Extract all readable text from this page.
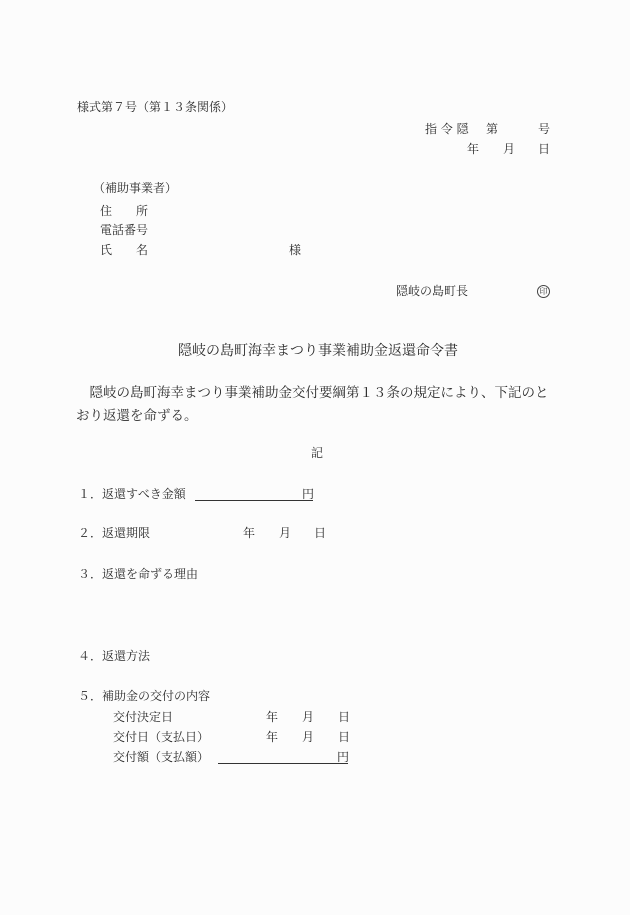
様式第７号（第１３条関係）
指 令 隠 第	号
年 月 日
（補助事業者）
住　　所
電話番号
氏　　名	様
隠岐の島町長	印
隠岐の島町海幸まつり事業補助金返還命令書
　隠岐の島町海幸まつり事業補助金交付要綱第１３条の規定により、下記のと
おり返還を命ずる。
記
１．返還すべき金額	円
２．返還期限	年 月 日
３．返還を命ずる理由
４．返還方法
５．補助金の交付の内容
交付決定日	年 月 日
交付日（支払日）	年 月 日
交付額（支払額）	円
